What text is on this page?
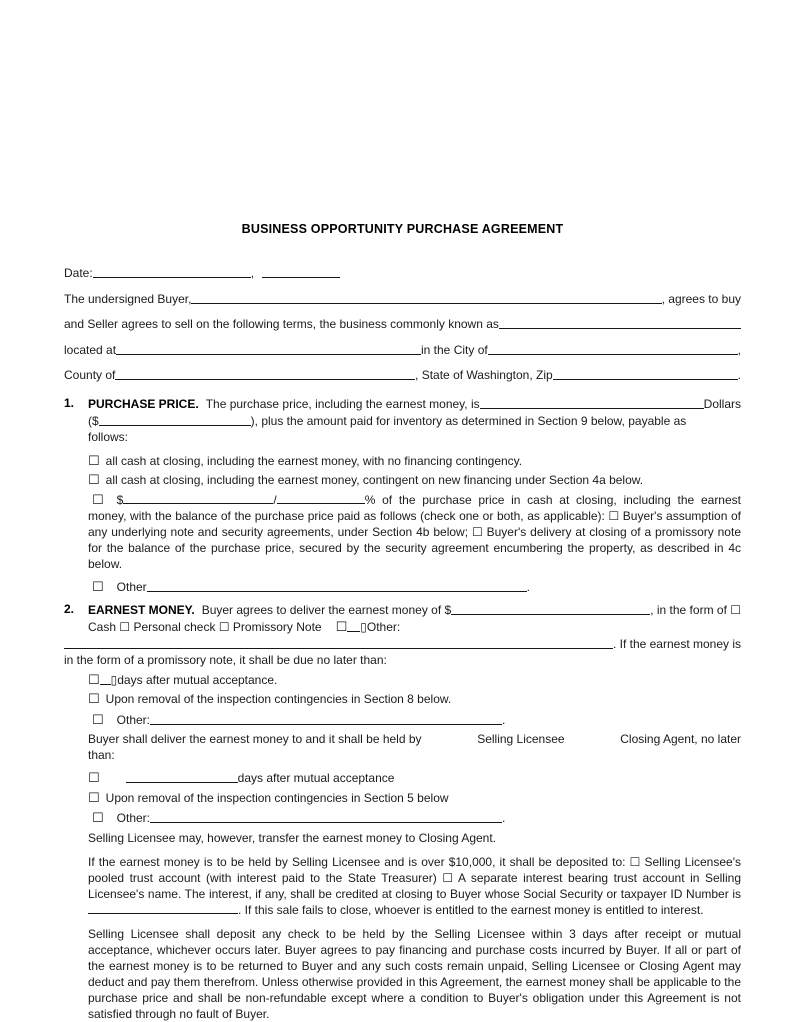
BUSINESS OPPORTUNITY PURCHASE AGREEMENT
Date:	,
The undersigned Buyer,	, agrees to buy
and Seller agrees to sell on the following terms, the business commonly known as
located at	in the City of	,
County of	, State of Washington, Zip	.
1.	PURCHASE PRICE. The purchase price, including the earnest money, is	Dollars
($	), plus the amount paid for inventory as determined in Section 9 below, payable as
follows:
☐ all cash at closing, including the earnest money, with no financing contingency.
☐ all cash at closing, including the earnest money, contingent on new financing under Section 4a below.
☐ $	/	% of the purchase price in cash at closing, including the earnest money, with the balance of the purchase price paid as follows (check one or both, as applicable): ☐ Buyer's assumption of any underlying note and security agreements, under Section 4b below; ☐ Buyer's delivery at closing of a promissory note for the balance of the purchase price, secured by the security agreement encumbering the property, as described in 4c below.
☐ Other	.
2.	EARNEST MONEY. Buyer agrees to deliver the earnest money of $	, in the form of ☐
Cash ☐ Personal check ☐ Promissory Note ☐ ▯Other:
. If the earnest money is
in the form of a promissory note, it shall be due no later than:
☐ ▯days after mutual acceptance.
☐ Upon removal of the inspection contingencies in Section 8 below.
☐ Other:	.
Buyer shall deliver the earnest money to and it shall be held by	Selling Licensee	Closing Agent, no later
than:
☐	days after mutual acceptance
☐ Upon removal of the inspection contingencies in Section 5 below
☐ Other:	.
Selling Licensee may, however, transfer the earnest money to Closing Agent.

If the earnest money is to be held by Selling Licensee and is over $10,000, it shall be deposited to: ☐ Selling Licensee's pooled trust account (with interest paid to the State Treasurer) ☐ A separate interest bearing trust account in Selling Licensee's name. The interest, if any, shall be credited at closing to Buyer whose Social Security or taxpayer ID Number is. If this sale fails to close, whoever is entitled to the earnest money is entitled to interest.

Selling Licensee shall deposit any check to be held by the Selling Licensee within 3 days after receipt or mutual acceptance, whichever occurs later. Buyer agrees to pay financing and purchase costs incurred by Buyer. If all or part of the earnest money is to be returned to Buyer and any such costs remain unpaid, Selling Licensee or Closing Agent may deduct and pay them therefrom. Unless otherwise provided in this Agreement, the earnest money shall be applicable to the purchase price and shall be non-refundable except where a condition to Buyer's obligation under this Agreement is not satisfied through no fault of Buyer.
